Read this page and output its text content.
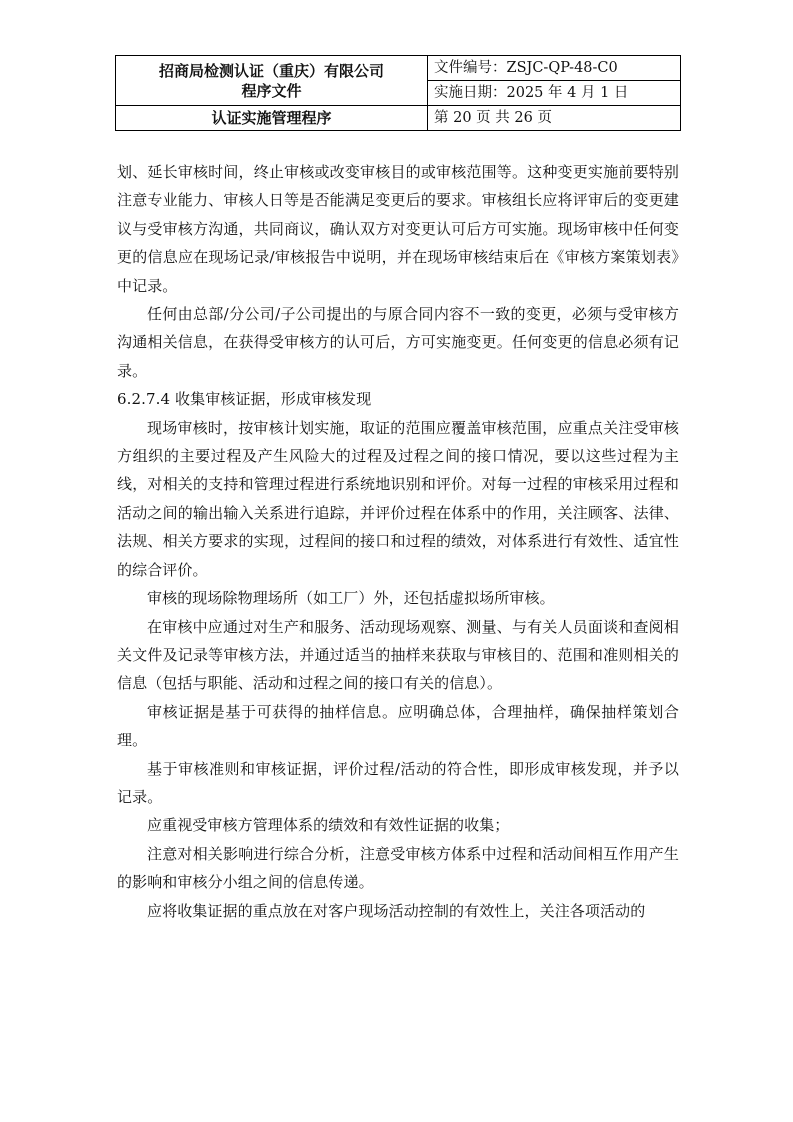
招商局检测认证（重庆）有限公司
程序文件	文件编号：ZSJC-QP-48-C0
	实施日期：2025 年 4 月 1 日
认证实施管理程序	第 20 页 共 26 页

划、延长审核时间，终止审核或改变审核目的或审核范围等。这种变更实施前要特别注意专业能力、审核人日等是否能满足变更后的要求。审核组长应将评审后的变更建议与受审核方沟通，共同商议，确认双方对变更认可后方可实施。现场审核中任何变更的信息应在现场记录/审核报告中说明，并在现场审核结束后在《审核方案策划表》中记录。

任何由总部/分公司/子公司提出的与原合同内容不一致的变更，必须与受审核方沟通相关信息，在获得受审核方的认可后，方可实施变更。任何变更的信息必须有记录。

6.2.7.4 收集审核证据，形成审核发现

现场审核时，按审核计划实施，取证的范围应覆盖审核范围，应重点关注受审核方组织的主要过程及产生风险大的过程及过程之间的接口情况，要以这些过程为主线，对相关的支持和管理过程进行系统地识别和评价。对每一过程的审核采用过程和活动之间的输出输入关系进行追踪，并评价过程在体系中的作用，关注顾客、法律、法规、相关方要求的实现，过程间的接口和过程的绩效，对体系进行有效性、适宜性的综合评价。

审核的现场除物理场所（如工厂）外，还包括虚拟场所审核。

在审核中应通过对生产和服务、活动现场观察、测量、与有关人员面谈和查阅相关文件及记录等审核方法，并通过适当的抽样来获取与审核目的、范围和准则相关的信息（包括与职能、活动和过程之间的接口有关的信息）。

审核证据是基于可获得的抽样信息。应明确总体，合理抽样，确保抽样策划合理。

基于审核准则和审核证据，评价过程/活动的符合性，即形成审核发现，并予以记录。

应重视受审核方管理体系的绩效和有效性证据的收集；

注意对相关影响进行综合分析，注意受审核方体系中过程和活动间相互作用产生的影响和审核分小组之间的信息传递。

应将收集证据的重点放在对客户现场活动控制的有效性上，关注各项活动的
